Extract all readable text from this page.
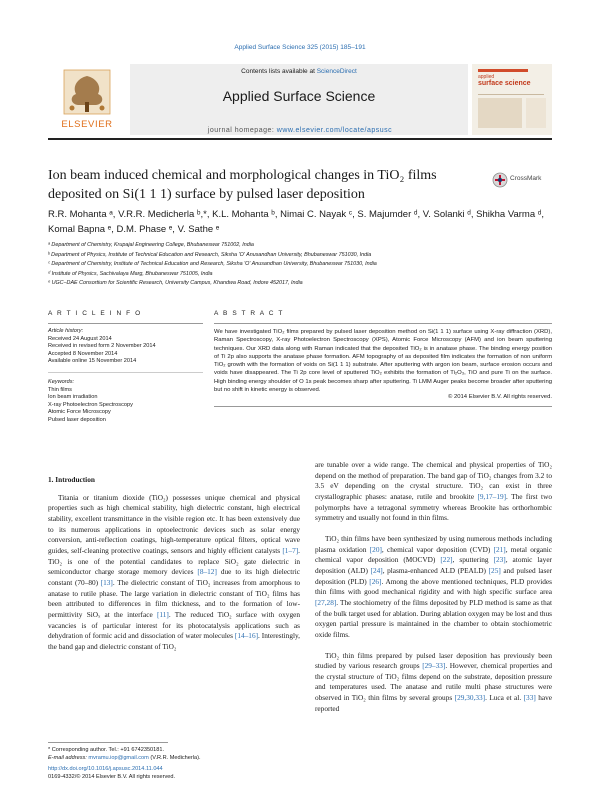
Applied Surface Science 325 (2015) 185–191
ELSEVIER
Contents lists available at ScienceDirect
Applied Surface Science
applied
surface science
journal homepage: www.elsevier.com/locate/apsusc
Ion beam induced chemical and morphological changes in TiO₂ films deposited on Si(1 1 1) surface by pulsed laser deposition
CrossMark
R.R. Mohanta ᵃ, V.R.R. Medicherla ᵇ,*, K.L. Mohanta ᵇ, Nimai C. Nayak ᶜ, S. Majumder ᵈ, V. Solanki ᵈ, Shikha Varma ᵈ, Komal Bapna ᵉ, D.M. Phase ᵉ, V. Sathe ᵉ
ᵃ Department of Chemistry, Krupajal Engineering College, Bhubaneswar 751002, India
ᵇ Department of Physics, Institute of Technical Education and Research, Siksha 'O' Anusandhan University, Bhubaneswar 751030, India
ᶜ Department of Chemistry, Institute of Technical Education and Research, Siksha 'O' Anusandhan University, Bhubaneswar 751030, India
ᵈ Institute of Physics, Sachivalaya Marg, Bhubaneswar 751005, India
ᵉ UGC–DAE Consortium for Scientific Research, University Campus, Khandwa Road, Indore 452017, India
A R T I C L E I N F O
Article history:
Received 24 August 2014
Received in revised form 2 November 2014
Accepted 8 November 2014
Available online 15 November 2014
Keywords:
Thin films
Ion beam irradiation
X-ray Photoelectron Spectroscopy
Atomic Force Microscopy
Pulsed laser deposition
A B S T R A C T
We have investigated TiO₂ films prepared by pulsed laser deposition method on Si(1 1 1) surface using X-ray diffraction (XRD), Raman Spectroscopy, X-ray Photoelectron Spectroscopy (XPS), Atomic Force Microscopy (AFM) and ion beam sputtering techniques. Our XRD data along with Raman indicated that the deposited TiO₂ is in anatase phase. The binding energy position of Ti 2p also supports the anatase phase formation. AFM topography of as deposited film indicates the formation of non uniform TiO₂ growth with the formation of voids on Si(1 1 1) substrate. After sputtering with argon ion beam, surface erosion occurs and voids have disappeared. The Ti 2p core level of sputtered TiO₂ exhibits the formation of Ti₂O₃, TiO and pure Ti on the surface. High binding energy shoulder of O 1s peak becomes sharp after sputtering. Ti LMM Auger peaks become broader after sputtering but no shift in kinetic energy is observed.
© 2014 Elsevier B.V. All rights reserved.
1. Introduction

Titania or titanium dioxide (TiO₂) possesses unique chemical and physical properties such as high chemical stability, high dielectric constant, high electrical stability, excellent transmittance in the visible region etc. It has been extensively due to its numerous applications in optoelectronic devices such as solar energy conversion, anti-reflection coatings, high-temperature optical filters, optical wave guides, self-cleaning protective coatings, sensors and highly efficient catalysts [1–7]. TiO₂ is one of the potential candidates to replace SiO₂ gate dielectric in semiconductor charge storage memory devices [8–12] due to its high dielectric constant (70–80) [13]. The dielectric constant of TiO₂ increases from amorphous to anatase to rutile phase. The large variation in dielectric constant of TiO₂ films has been attributed to differences in film thickness, and to the formation of low-permittivity SiOₓ at the interface [11]. The reduced TiO₂ surface with oxygen vacancies is of particular interest for its photocatalysis applications such as dehydration of formic acid and dissociation of water molecules [14–16]. Interestingly, the band gap and dielectric constant of TiO₂

are tunable over a wide range. The chemical and physical properties of TiO₂ depend on the method of preparation. The band gap of TiO₂ changes from 3.2 to 3.5 eV depending on the crystal structure. TiO₂ can exist in three crystallographic phases: anatase, rutile and brookite [9,17–19]. The first two polymorphs have a tetragonal symmetry whereas Brookite has orthorhombic symmetry and usually not found in thin films.

TiO₂ thin films have been synthesized by using numerous methods including plasma oxidation [20], chemical vapor deposition (CVD) [21], metal organic chemical vapor deposition (MOCVD) [22], sputtering [23], atomic layer deposition (ALD) [24], plasma-enhanced ALD (PEALD) [25] and pulsed laser deposition (PLD) [26]. Among the above mentioned techniques, PLD provides thin films with good mechanical rigidity and with high specific surface area [27,28]. The stochiometry of the films deposited by PLD method is same as that of the bulk target used for ablation. During ablation oxygen may be lost and thus oxygen partial pressure is maintained in the chamber to obtain stochiometric oxide films.

TiO₂ thin films prepared by pulsed laser deposition has previously been studied by various research groups [29–33]. However, chemical properties and the crystal structure of TiO₂ films depend on the substrate, deposition pressure and temperatures used. The anatase and rutile multi phase structures were observed in TiO₂ thin films by several groups [29,30,33]. Luca et al. [33] have reported

* Corresponding author. Tel.: +91 6742350181.
E-mail address: mvramu.iop@gmail.com (V.R.R. Medicherla).
http://dx.doi.org/10.1016/j.apsusc.2014.11.044
0169-4332/© 2014 Elsevier B.V. All rights reserved.
